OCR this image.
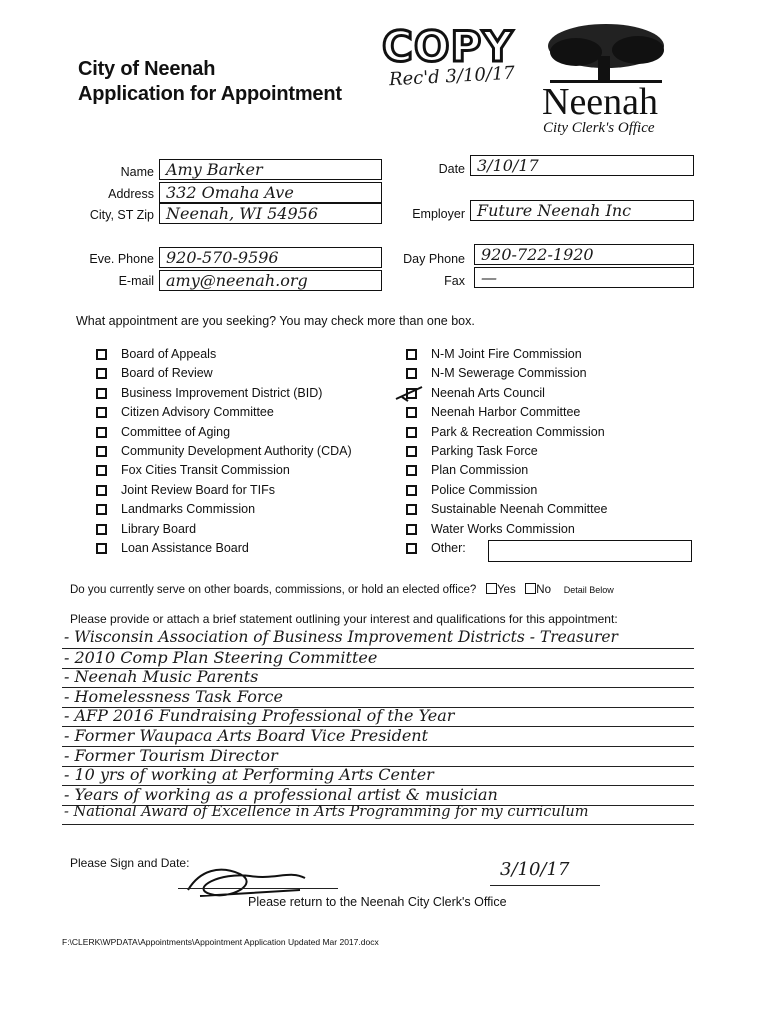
City of Neenah
Application for Appointment
COPY
Rec'd 3/10/17
Neenah
City Clerk's Office
Name Amy Barker
Address 332 Omaha Ave
City, ST Zip Neenah, WI 54956
Date 3/10/17
Employer Future Neenah Inc
Eve. Phone 920-570-9596
E-mail amy@neenah.org
Day Phone	920-722-1920
Fax	—
What appointment are you seeking? You may check more than one box.
Board of Appeals
Board of Review
Business Improvement District (BID)
Citizen Advisory Committee
Committee of Aging
Community Development Authority (CDA)
Fox Cities Transit Commission
Joint Review Board for TIFs
Landmarks Commission
Library Board
Loan Assistance Board
N-M Joint Fire Commission
N-M Sewerage Commission
Neenah Arts Council
Neenah Harbor Committee
Park & Recreation Commission
Parking Task Force
Plan Commission
Police Commission
Sustainable Neenah Committee
Water Works Commission
Other:
Do you currently serve on other boards, commissions, or hold an elected office? Yes No Detail Below
Please provide or attach a brief statement outlining your interest and qualifications for this appointment:
- Wisconsin Association of Business Improvement Districts - Treasurer
- 2010 Comp Plan Steering Committee
- Neenah Music Parents
- Homelessness Task Force
- AFP 2016 Fundraising Professional of the Year
- Former Waupaca Arts Board Vice President
- Former Tourism Director
- 10 yrs of working at Performing Arts Center
- Years of working as a professional artist & musician
- National Award of Excellence in Arts Programming for my curriculum
Please Sign and Date:	3/10/17
Please return to the Neenah City Clerk's Office
F:\CLERK\WPDATA\Appointments\Appointment Application Updated Mar 2017.docx
